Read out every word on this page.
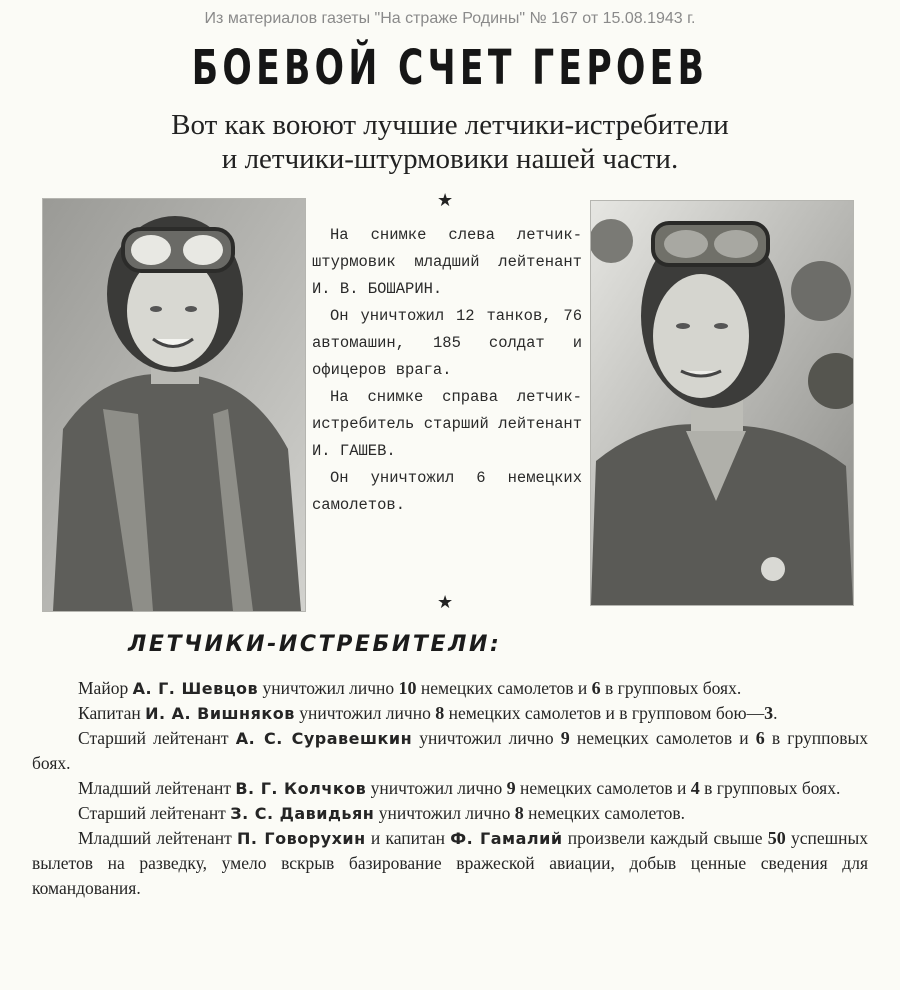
Из материалов газеты "На страже Родины" № 167 от 15.08.1943 г.
БОЕВОЙ СЧЕТ ГЕРОЕВ
Вот как воюют лучшие летчики-истребители
и летчики-штурмовики нашей части.
★

На снимке слева летчик-штурмовик младший лейтенант И. В. БОШАРИН.

Он уничтожил 12 танков, 76 автомашин, 185 солдат и офицеров врага.

На снимке справа летчик-истребитель старший лейтенант И. ГАШЕВ.

Он уничтожил 6 немецких самолетов.

★
ЛЕТЧИКИ-ИСТРЕБИТЕЛИ:

Майор А. Г. Шевцов уничтожил лично 10 немецких самолетов и 6 в групповых боях.

Капитан И. А. Вишняков уничтожил лично 8 немецких самолетов и в групповом бою—3.

Старший лейтенант А. С. Суравешкин уничтожил лично 9 немецких самолетов и 6 в групповых боях.

Младший лейтенант В. Г. Колчков уничтожил лично 9 немецких самолетов и 4 в групповых боях.

Старший лейтенант З. С. Давидьян уничтожил лично 8 немецких самолетов.

Младший лейтенант П. Говорухин и капитан Ф. Гамалий произвели каждый свыше 50 успешных вылетов на разведку, умело вскрыв базирование вражеской авиации, добыв ценные сведения для командования.
